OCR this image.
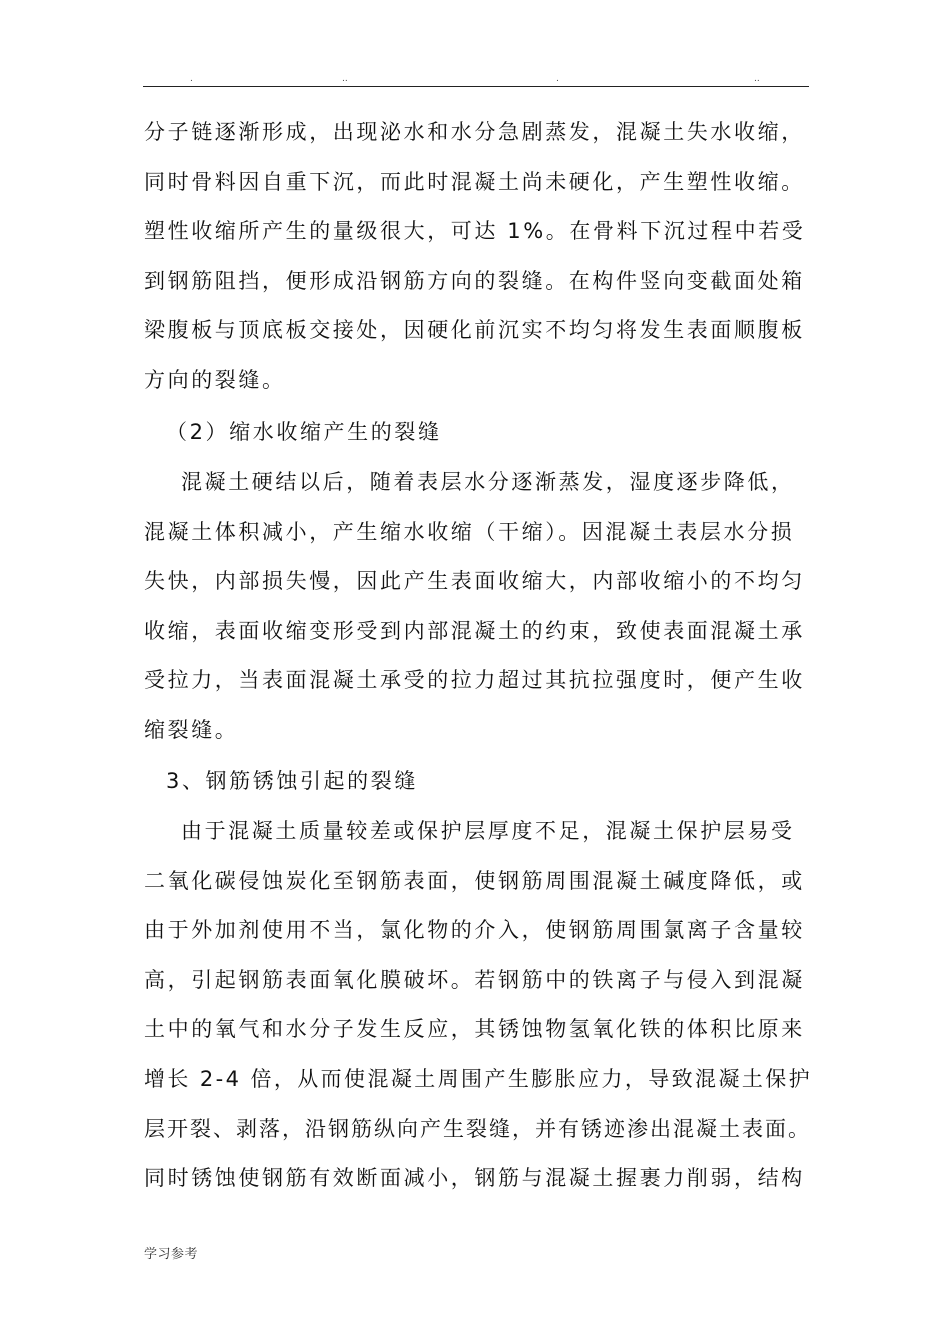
.	..	.	..
分子链逐渐形成，出现泌水和水分急剧蒸发，混凝土失水收缩，
同时骨料因自重下沉，而此时混凝土尚未硬化，产生塑性收缩。
塑性收缩所产生的量级很大，可达 1%。在骨料下沉过程中若受
到钢筋阻挡，便形成沿钢筋方向的裂缝。在构件竖向变截面处箱
梁腹板与顶底板交接处，因硬化前沉实不均匀将发生表面顺腹板
方向的裂缝。
（2）缩水收缩产生的裂缝
混凝土硬结以后，随着表层水分逐渐蒸发，湿度逐步降低，
混凝土体积减小，产生缩水收缩（干缩）。因混凝土表层水分损
失快，内部损失慢，因此产生表面收缩大，内部收缩小的不均匀
收缩，表面收缩变形受到内部混凝土的约束，致使表面混凝土承
受拉力，当表面混凝土承受的拉力超过其抗拉强度时，便产生收
缩裂缝。
3、钢筋锈蚀引起的裂缝
由于混凝土质量较差或保护层厚度不足，混凝土保护层易受
二氧化碳侵蚀炭化至钢筋表面，使钢筋周围混凝土碱度降低，或
由于外加剂使用不当，氯化物的介入，使钢筋周围氯离子含量较
高，引起钢筋表面氧化膜破坏。若钢筋中的铁离子与侵入到混凝
土中的氧气和水分子发生反应，其锈蚀物氢氧化铁的体积比原来
增长 2-4 倍，从而使混凝土周围产生膨胀应力，导致混凝土保护
层开裂、剥落，沿钢筋纵向产生裂缝，并有锈迹渗出混凝土表面。
同时锈蚀使钢筋有效断面减小，钢筋与混凝土握裹力削弱，结构
学习参考
